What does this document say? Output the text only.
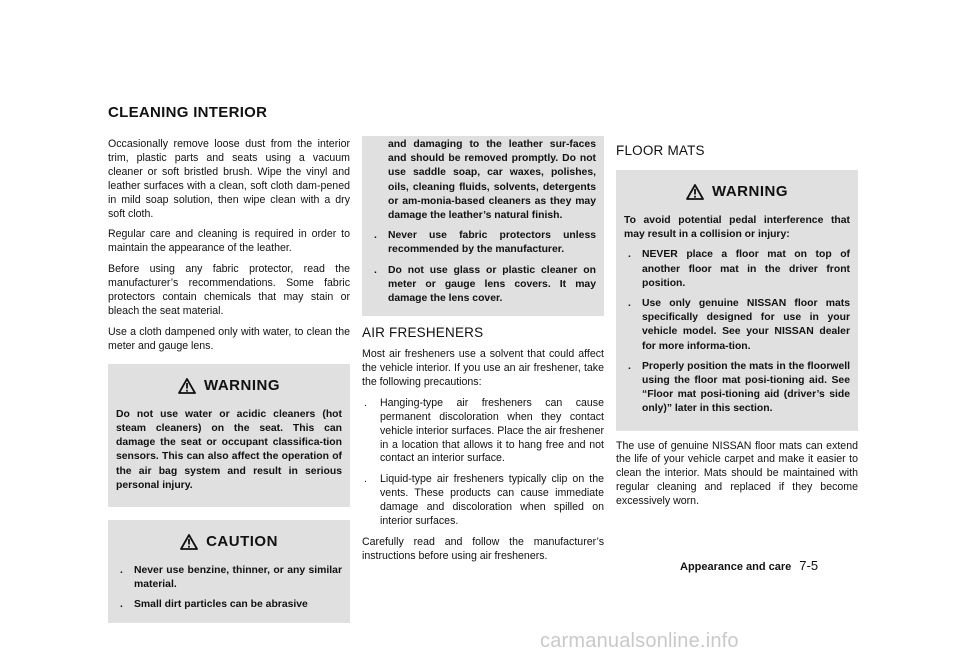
CLEANING INTERIOR

Occasionally remove loose dust from the interior trim, plastic parts and seats using a vacuum cleaner or soft bristled brush. Wipe the vinyl and leather surfaces with a clean, soft cloth dam-pened in mild soap solution, then wipe clean with a dry soft cloth.

Regular care and cleaning is required in order to maintain the appearance of the leather.

Before using any fabric protector, read the manufacturer’s recommendations. Some fabric protectors contain chemicals that may stain or bleach the seat material.

Use a cloth dampened only with water, to clean the meter and gauge lens.

WARNING

Do not use water or acidic cleaners (hot steam cleaners) on the seat. This can damage the seat or occupant classifica-tion sensors. This can also affect the operation of the air bag system and result in serious personal injury.

CAUTION
.	Never use benzine, thinner, or any similar material.
.	Small dirt particles can be abrasive

and damaging to the leather sur-faces and should be removed promptly. Do not use saddle soap, car waxes, polishes, oils, cleaning fluids, solvents, detergents or am-monia-based cleaners as they may damage the leather’s natural finish.

.	Never use fabric protectors unless recommended by the manufacturer.
.	Do not use glass or plastic cleaner on meter or gauge lens covers. It may damage the lens cover.
AIR FRESHENERS

Most air fresheners use a solvent that could affect the vehicle interior. If you use an air freshener, take the following precautions:

.	Hanging-type air fresheners can cause permanent discoloration when they contact vehicle interior surfaces. Place the air freshener in a location that allows it to hang free and not contact an interior surface.
.	Liquid-type air fresheners typically clip on the vents. These products can cause immediate damage and discoloration when spilled on interior surfaces.

Carefully read and follow the manufacturer’s instructions before using air fresheners.

FLOOR MATS
WARNING

To avoid potential pedal interference that may result in a collision or injury:

.	NEVER place a floor mat on top of another floor mat in the driver front position.
.	Use only genuine NISSAN floor mats specifically designed for use in your vehicle model. See your NISSAN dealer for more informa-tion.
.	Properly position the mats in the floorwell using the floor mat posi-tioning aid. See “Floor mat posi-tioning aid (driver’s side only)” later in this section.

The use of genuine NISSAN floor mats can extend the life of your vehicle carpet and make it easier to clean the interior. Mats should be maintained with regular cleaning and replaced if they become excessively worn.

Appearance and care 7-5
carmanualsonline.info
